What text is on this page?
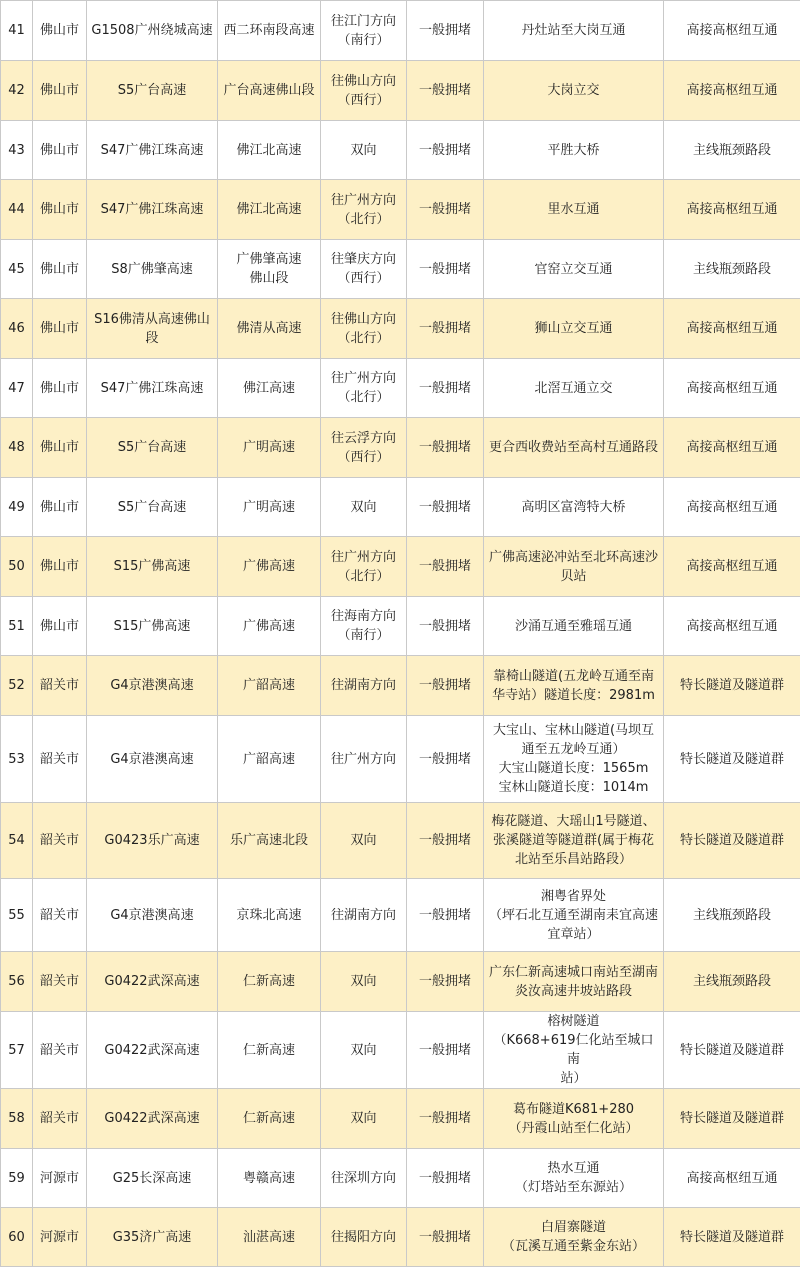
41	佛山市	G1508广州绕城高速	西二环南段高速	往江门方向
（南行）	一般拥堵	丹灶站至大岗互通	高接高枢纽互通
42	佛山市	S5广台高速	广台高速佛山段	往佛山方向
（西行）	一般拥堵	大岗立交	高接高枢纽互通
43	佛山市	S47广佛江珠高速	佛江北高速	双向	一般拥堵	平胜大桥	主线瓶颈路段
44	佛山市	S47广佛江珠高速	佛江北高速	往广州方向
（北行）	一般拥堵	里水互通	高接高枢纽互通
45	佛山市	S8广佛肇高速	广佛肇高速
佛山段	往肇庆方向
（西行）	一般拥堵	官窑立交互通	主线瓶颈路段
46	佛山市	S16佛清从高速佛山段	佛清从高速	往佛山方向
（北行）	一般拥堵	狮山立交互通	高接高枢纽互通
47	佛山市	S47广佛江珠高速	佛江高速	往广州方向
（北行）	一般拥堵	北滘互通立交	高接高枢纽互通
48	佛山市	S5广台高速	广明高速	往云浮方向
（西行）	一般拥堵	更合西收费站至高村互通路段	高接高枢纽互通
49	佛山市	S5广台高速	广明高速	双向	一般拥堵	高明区富湾特大桥	高接高枢纽互通
50	佛山市	S15广佛高速	广佛高速	往广州方向
（北行）	一般拥堵	广佛高速泌冲站至北环高速沙
贝站	高接高枢纽互通
51	佛山市	S15广佛高速	广佛高速	往海南方向
（南行）	一般拥堵	沙涌互通至雅瑶互通	高接高枢纽互通
52	韶关市	G4京港澳高速	广韶高速	往湖南方向	一般拥堵	靠椅山隧道(五龙岭互通至南
华寺站）隧道长度：2981m	特长隧道及隧道群
53	韶关市	G4京港澳高速	广韶高速	往广州方向	一般拥堵	大宝山、宝林山隧道(马坝互
通至五龙岭互通）
大宝山隧道长度：1565m
宝林山隧道长度：1014m	特长隧道及隧道群
54	韶关市	G0423乐广高速	乐广高速北段	双向	一般拥堵	梅花隧道、大瑶山1号隧道、
张溪隧道等隧道群(属于梅花
北站至乐昌站路段）	特长隧道及隧道群
55	韶关市	G4京港澳高速	京珠北高速	往湖南方向	一般拥堵	湘粤省界处
（坪石北互通至湖南耒宜高速
宜章站）	主线瓶颈路段
56	韶关市	G0422武深高速	仁新高速	双向	一般拥堵	广东仁新高速城口南站至湖南
炎汝高速井坡站路段	主线瓶颈路段
57	韶关市	G0422武深高速	仁新高速	双向	一般拥堵	榕树隧道
（K668+619仁化站至城口南
站）	特长隧道及隧道群
58	韶关市	G0422武深高速	仁新高速	双向	一般拥堵	葛布隧道K681+280
（丹霞山站至仁化站）	特长隧道及隧道群
59	河源市	G25长深高速	粤赣高速	往深圳方向	一般拥堵	热水互通
（灯塔站至东源站）	高接高枢纽互通
60	河源市	G35济广高速	汕湛高速	往揭阳方向	一般拥堵	白眉寨隧道
（瓦溪互通至紫金东站）	特长隧道及隧道群
